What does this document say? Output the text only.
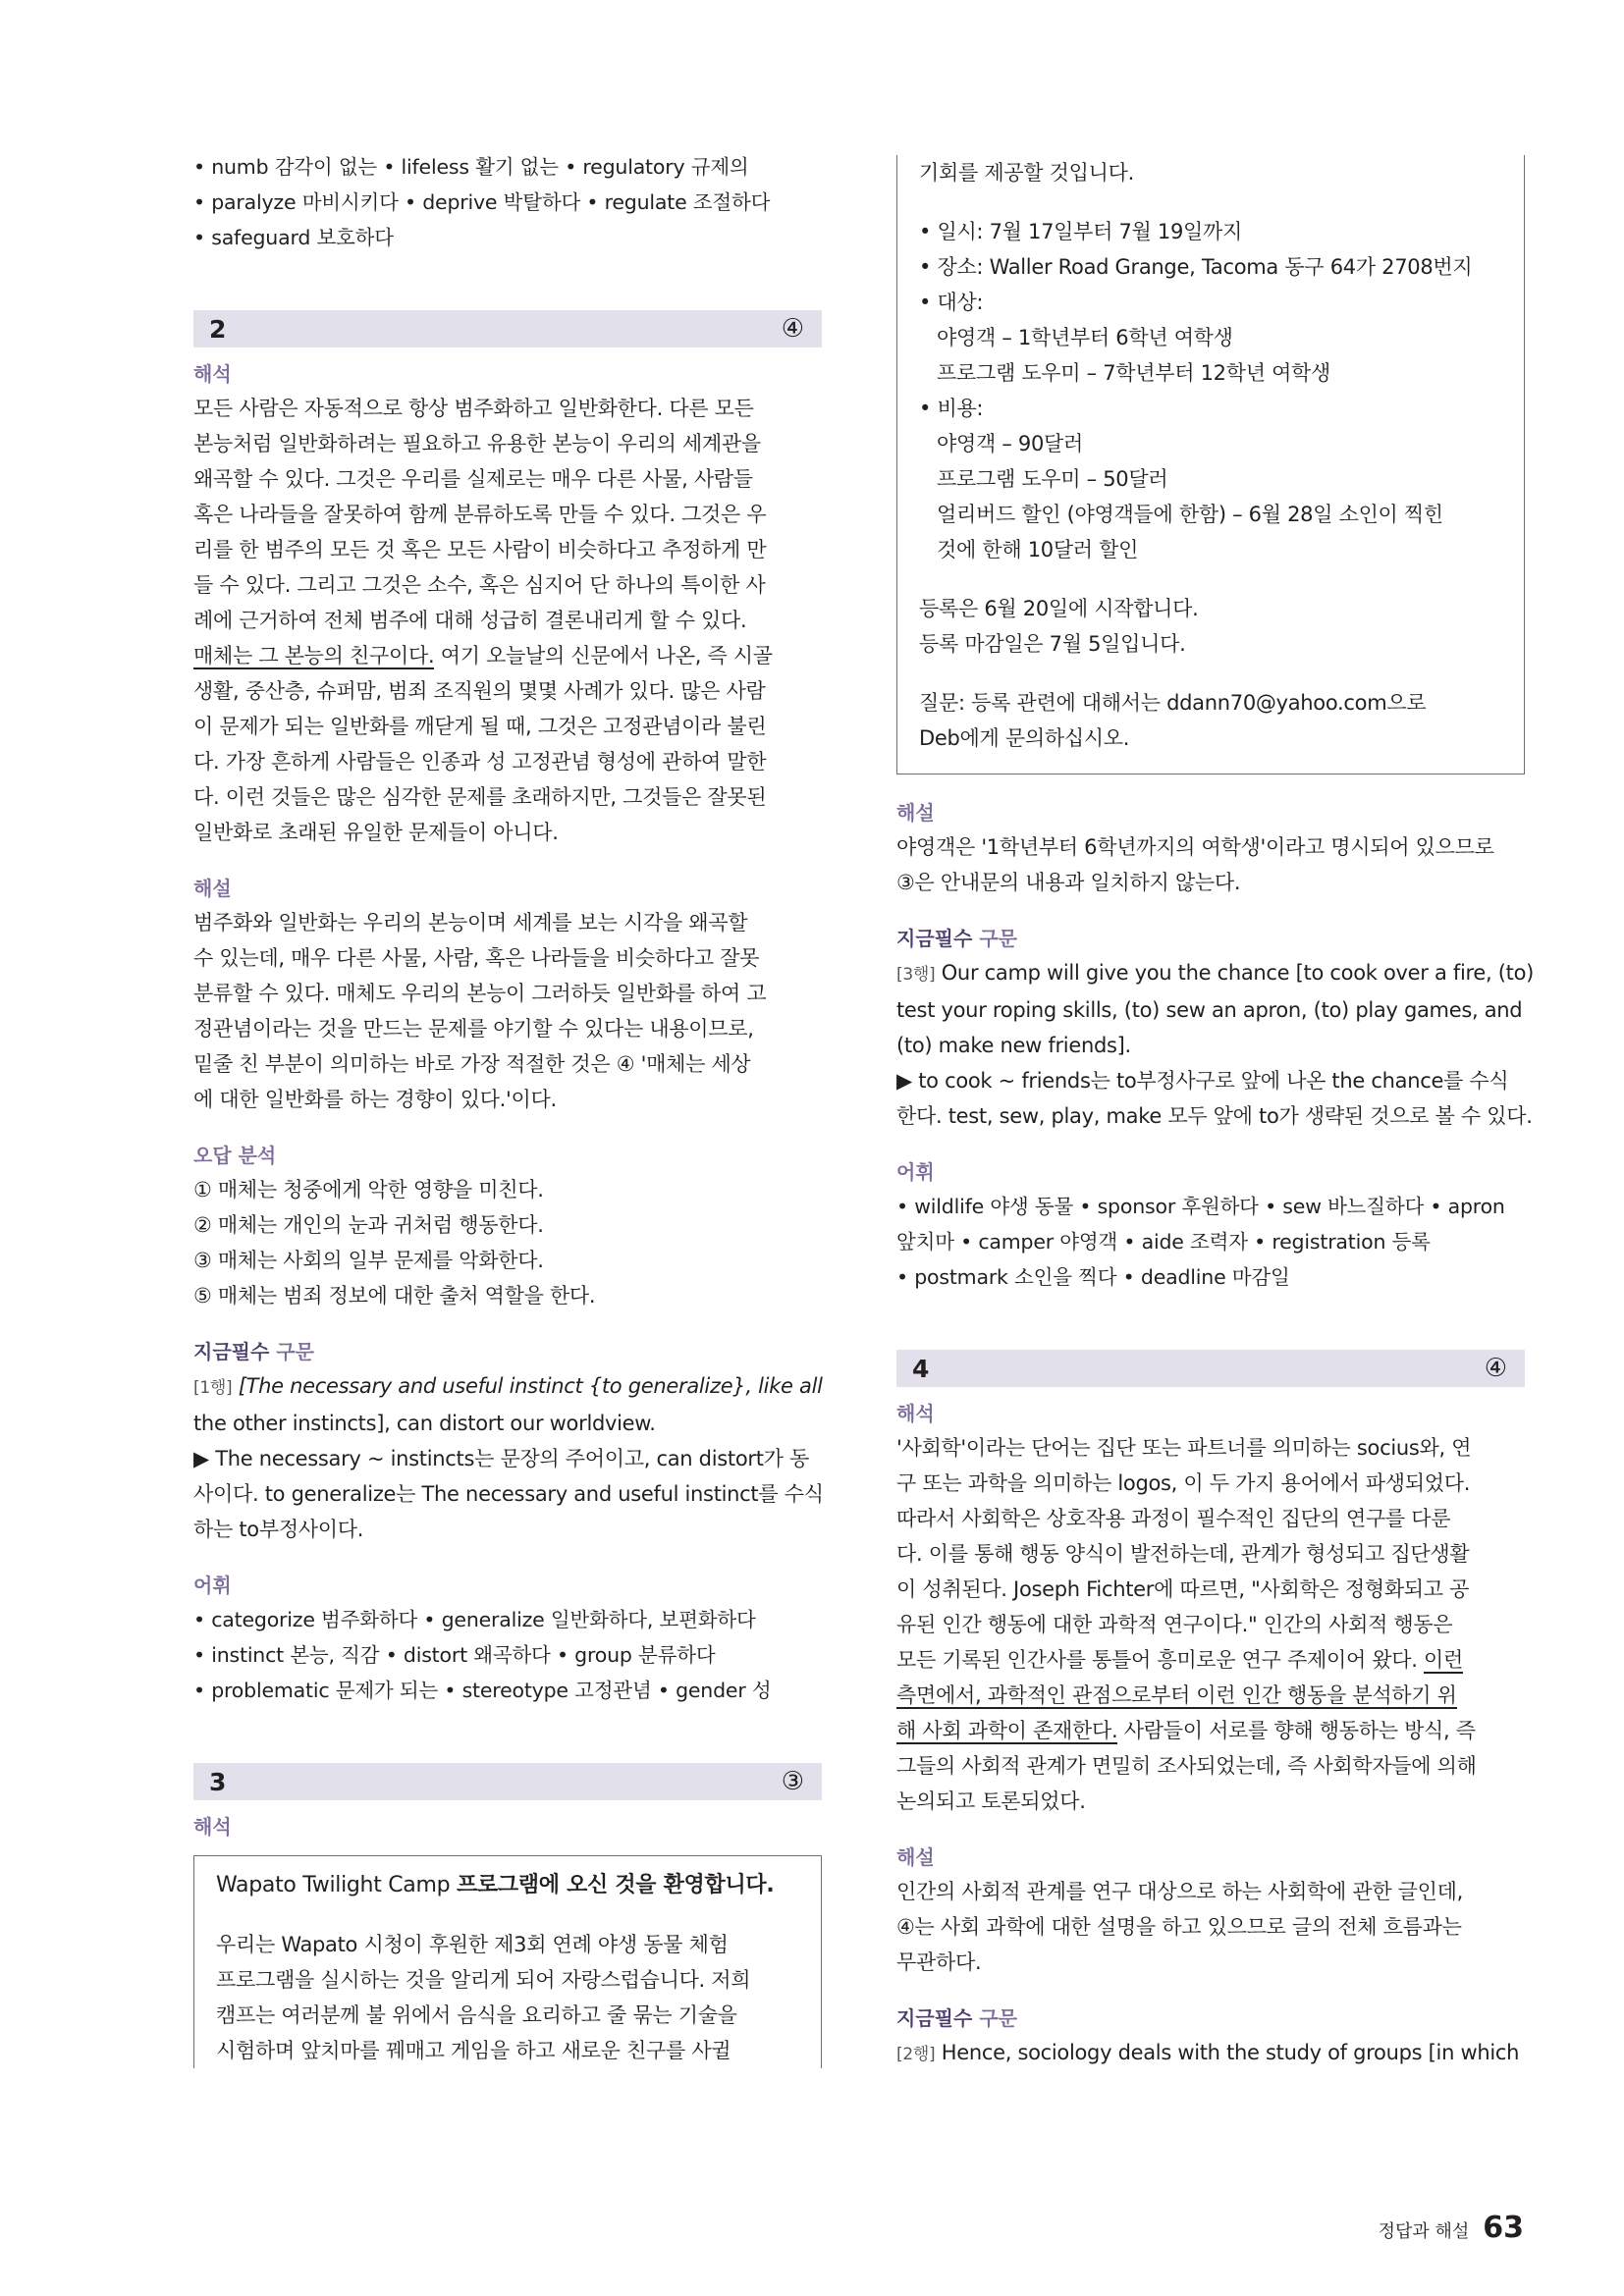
• numb 감각이 없는 • lifeless 활기 없는 • regulatory 규제의
• paralyze 마비시키다 • deprive 박탈하다 • regulate 조절하다
• safeguard 보호하다
2	④
해석
모든 사람은 자동적으로 항상 범주화하고 일반화한다. 다른 모든
본능처럼 일반화하려는 필요하고 유용한 본능이 우리의 세계관을
왜곡할 수 있다. 그것은 우리를 실제로는 매우 다른 사물, 사람들
혹은 나라들을 잘못하여 함께 분류하도록 만들 수 있다. 그것은 우
리를 한 범주의 모든 것 혹은 모든 사람이 비슷하다고 추정하게 만
들 수 있다. 그리고 그것은 소수, 혹은 심지어 단 하나의 특이한 사
례에 근거하여 전체 범주에 대해 성급히 결론내리게 할 수 있다.
매체는 그 본능의 친구이다. 여기 오늘날의 신문에서 나온, 즉 시골
생활, 중산층, 슈퍼맘, 범죄 조직원의 몇몇 사례가 있다. 많은 사람
이 문제가 되는 일반화를 깨닫게 될 때, 그것은 고정관념이라 불린
다. 가장 흔하게 사람들은 인종과 성 고정관념 형성에 관하여 말한
다. 이런 것들은 많은 심각한 문제를 초래하지만, 그것들은 잘못된
일반화로 초래된 유일한 문제들이 아니다.
해설
범주화와 일반화는 우리의 본능이며 세계를 보는 시각을 왜곡할
수 있는데, 매우 다른 사물, 사람, 혹은 나라들을 비슷하다고 잘못
분류할 수 있다. 매체도 우리의 본능이 그러하듯 일반화를 하여 고
정관념이라는 것을 만드는 문제를 야기할 수 있다는 내용이므로,
밑줄 친 부분이 의미하는 바로 가장 적절한 것은 ④ '매체는 세상
에 대한 일반화를 하는 경향이 있다.'이다.
오답 분석
① 매체는 청중에게 악한 영향을 미친다.
② 매체는 개인의 눈과 귀처럼 행동한다.
③ 매체는 사회의 일부 문제를 악화한다.
⑤ 매체는 범죄 정보에 대한 출처 역할을 한다.
지금필수 구문
[1행] [The necessary and useful instinct {to generalize}, like all
the other instincts], can distort our worldview.
▶ The necessary ~ instincts는 문장의 주어이고, can distort가 동
사이다. to generalize는 The necessary and useful instinct를 수식
하는 to부정사이다.
어휘
• categorize 범주화하다 • generalize 일반화하다, 보편화하다
• instinct 본능, 직감 • distort 왜곡하다 • group 분류하다
• problematic 문제가 되는 • stereotype 고정관념 • gender 성
3	③
해석
Wapato Twilight Camp 프로그램에 오신 것을 환영합니다.
우리는 Wapato 시청이 후원한 제3회 연례 야생 동물 체험
프로그램을 실시하는 것을 알리게 되어 자랑스럽습니다. 저희
캠프는 여러분께 불 위에서 음식을 요리하고 줄 묶는 기술을
시험하며 앞치마를 꿰매고 게임을 하고 새로운 친구를 사귈
기회를 제공할 것입니다.
• 일시: 7월 17일부터 7월 19일까지
• 장소: Waller Road Grange, Tacoma 동구 64가 2708번지
• 대상:
야영객 – 1학년부터 6학년 여학생
프로그램 도우미 – 7학년부터 12학년 여학생
• 비용:
야영객 – 90달러
프로그램 도우미 – 50달러
얼리버드 할인 (야영객들에 한함) – 6월 28일 소인이 찍힌
것에 한해 10달러 할인
등록은 6월 20일에 시작합니다.
등록 마감일은 7월 5일입니다.
질문: 등록 관련에 대해서는 ddann70@yahoo.com으로
Deb에게 문의하십시오.
해설
야영객은 '1학년부터 6학년까지의 여학생'이라고 명시되어 있으므로
③은 안내문의 내용과 일치하지 않는다.
지금필수 구문
[3행] Our camp will give you the chance [to cook over a fire, (to)
test your roping skills, (to) sew an apron, (to) play games, and
(to) make new friends].
▶ to cook ~ friends는 to부정사구로 앞에 나온 the chance를 수식
한다. test, sew, play, make 모두 앞에 to가 생략된 것으로 볼 수 있다.
어휘
• wildlife 야생 동물 • sponsor 후원하다 • sew 바느질하다 • apron
앞치마 • camper 야영객 • aide 조력자 • registration 등록
• postmark 소인을 찍다 • deadline 마감일
4	④
해석
'사회학'이라는 단어는 집단 또는 파트너를 의미하는 socius와, 연
구 또는 과학을 의미하는 logos, 이 두 가지 용어에서 파생되었다.
따라서 사회학은 상호작용 과정이 필수적인 집단의 연구를 다룬
다. 이를 통해 행동 양식이 발전하는데, 관계가 형성되고 집단생활
이 성취된다. Joseph Fichter에 따르면, "사회학은 정형화되고 공
유된 인간 행동에 대한 과학적 연구이다." 인간의 사회적 행동은
모든 기록된 인간사를 통틀어 흥미로운 연구 주제이어 왔다. 이런
측면에서, 과학적인 관점으로부터 이런 인간 행동을 분석하기 위
해 사회 과학이 존재한다. 사람들이 서로를 향해 행동하는 방식, 즉
그들의 사회적 관계가 면밀히 조사되었는데, 즉 사회학자들에 의해
논의되고 토론되었다.
해설
인간의 사회적 관계를 연구 대상으로 하는 사회학에 관한 글인데,
④는 사회 과학에 대한 설명을 하고 있으므로 글의 전체 흐름과는
무관하다.
지금필수 구문
[2행] Hence, sociology deals with the study of groups [in which
정답과 해설 63
